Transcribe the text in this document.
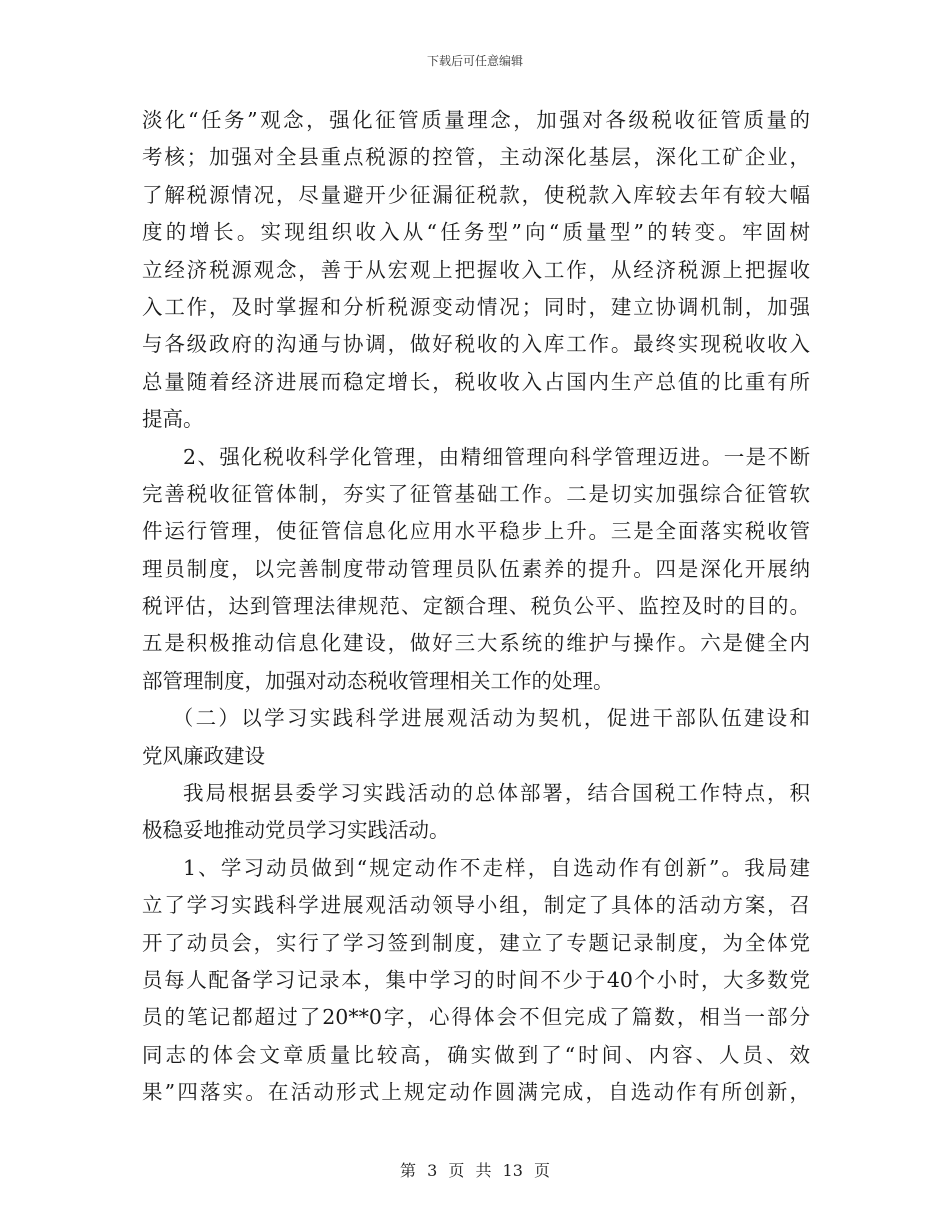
下载后可任意编辑
淡化“任务”观念，强化征管质量理念，加强对各级税收征管质量的
考核；加强对全县重点税源的控管，主动深化基层，深化工矿企业，
了解税源情况，尽量避开少征漏征税款，使税款入库较去年有较大幅
度的增长。实现组织收入从“任务型”向“质量型”的转变。牢固树
立经济税源观念，善于从宏观上把握收入工作，从经济税源上把握收
入工作，及时掌握和分析税源变动情况；同时，建立协调机制，加强
与各级政府的沟通与协调，做好税收的入库工作。最终实现税收收入
总量随着经济进展而稳定增长，税收收入占国内生产总值的比重有所
提高。
2、强化税收科学化管理，由精细管理向科学管理迈进。一是不断
完善税收征管体制，夯实了征管基础工作。二是切实加强综合征管软
件运行管理，使征管信息化应用水平稳步上升。三是全面落实税收管
理员制度，以完善制度带动管理员队伍素养的提升。四是深化开展纳
税评估，达到管理法律规范、定额合理、税负公平、监控及时的目的。
五是积极推动信息化建设，做好三大系统的维护与操作。六是健全内
部管理制度，加强对动态税收管理相关工作的处理。
（二）以学习实践科学进展观活动为契机，促进干部队伍建设和
党风廉政建设
我局根据县委学习实践活动的总体部署，结合国税工作特点，积
极稳妥地推动党员学习实践活动。
1、学习动员做到“规定动作不走样，自选动作有创新”。我局建
立了学习实践科学进展观活动领导小组，制定了具体的活动方案，召
开了动员会，实行了学习签到制度，建立了专题记录制度，为全体党
员每人配备学习记录本，集中学习的时间不少于40个小时，大多数党
员的笔记都超过了20**0字，心得体会不但完成了篇数，相当一部分
同志的体会文章质量比较高，确实做到了“时间、内容、人员、效
果”四落实。在活动形式上规定动作圆满完成，自选动作有所创新，
第 3 页 共 13 页
